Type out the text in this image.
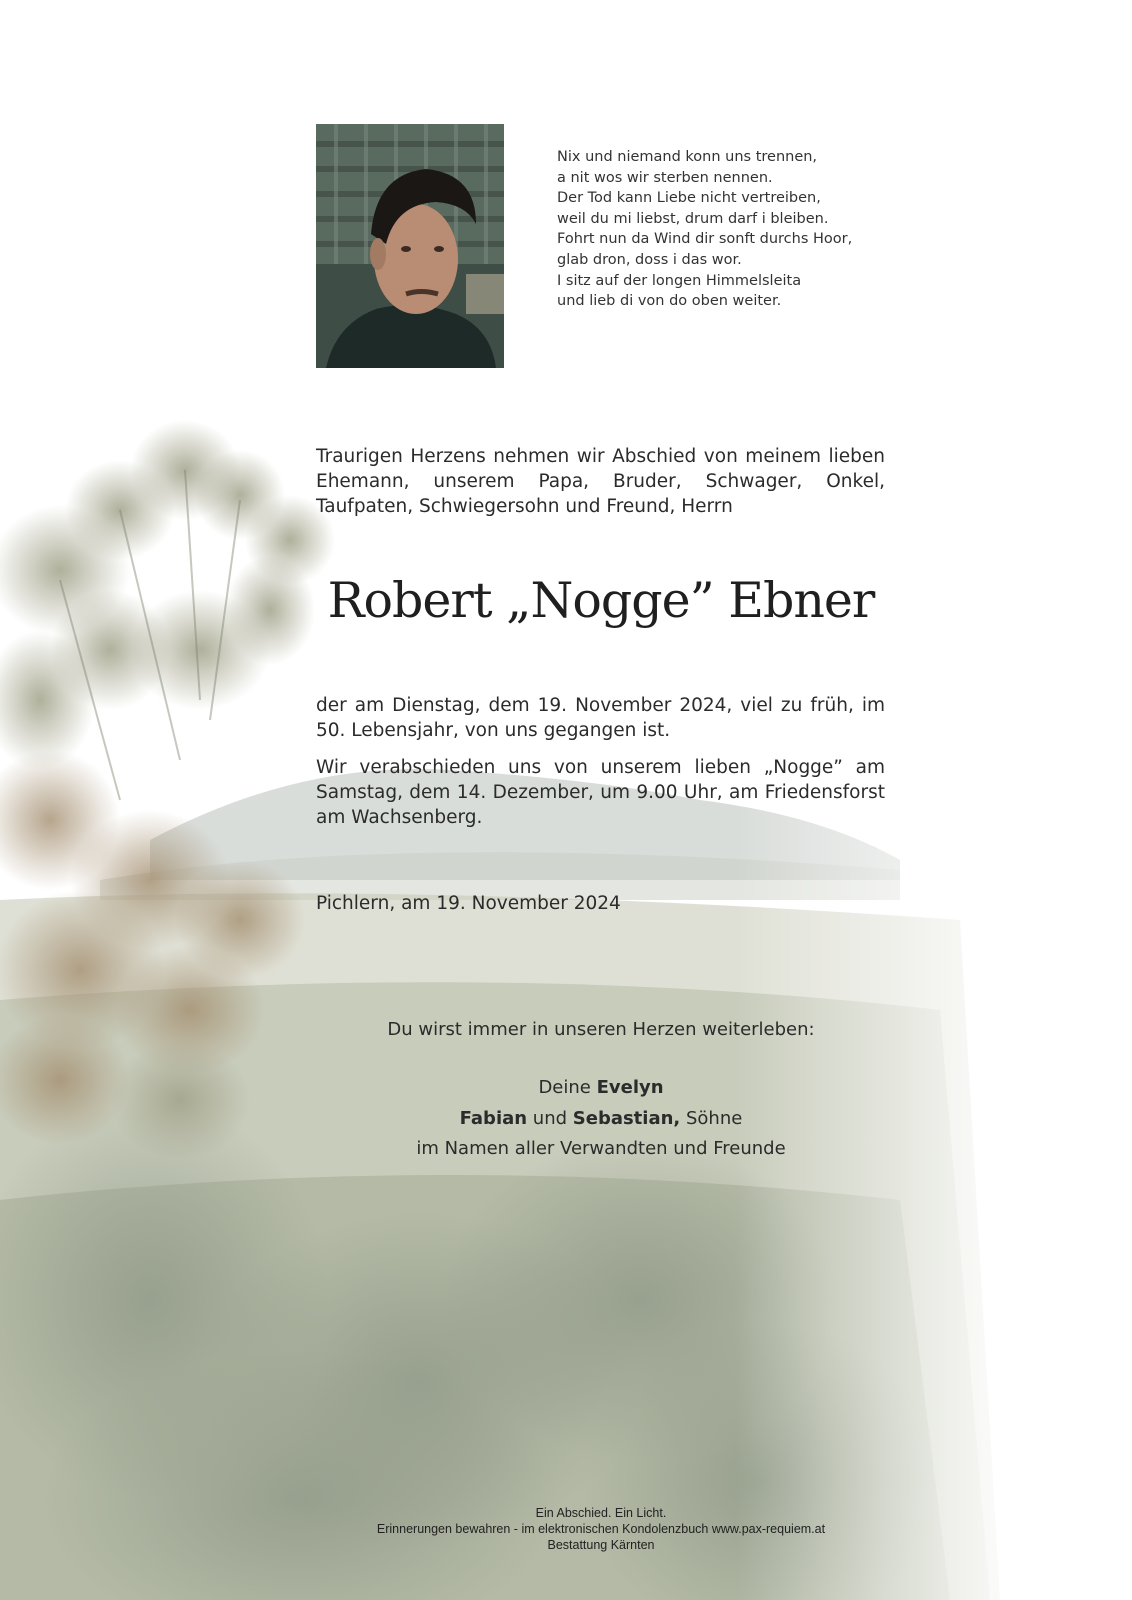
Nix und niemand konn uns trennen,
a nit wos wir sterben nennen.
Der Tod kann Liebe nicht vertreiben,
weil du mi liebst, drum darf i bleiben.
Fohrt nun da Wind dir sonft durchs Hoor,
glab dron, doss i das wor.
I sitz auf der longen Himmelsleita
und lieb di von do oben weiter.

Traurigen Herzens nehmen wir Abschied von meinem lieben Ehemann, unserem Papa, Bruder, Schwager, Onkel, Taufpaten, Schwiegersohn und Freund, Herrn

Robert „Nogge” Ebner

der am Dienstag, dem 19. November 2024, viel zu früh, im 50. Lebensjahr, von uns gegangen ist.

Wir verabschieden uns von unserem lieben „Nogge” am Samstag, dem 14. Dezember, um 9.00 Uhr, am Friedensforst am Wachsenberg.

Pichlern, am 19. November 2024

Du wirst immer in unseren Herzen weiterleben:

Deine Evelyn
Fabian und Sebastian, Söhne
im Namen aller Verwandten und Freunde
Ein Abschied. Ein Licht.
Erinnerungen bewahren - im elektronischen Kondolenzbuch www.pax-requiem.at
Bestattung Kärnten
